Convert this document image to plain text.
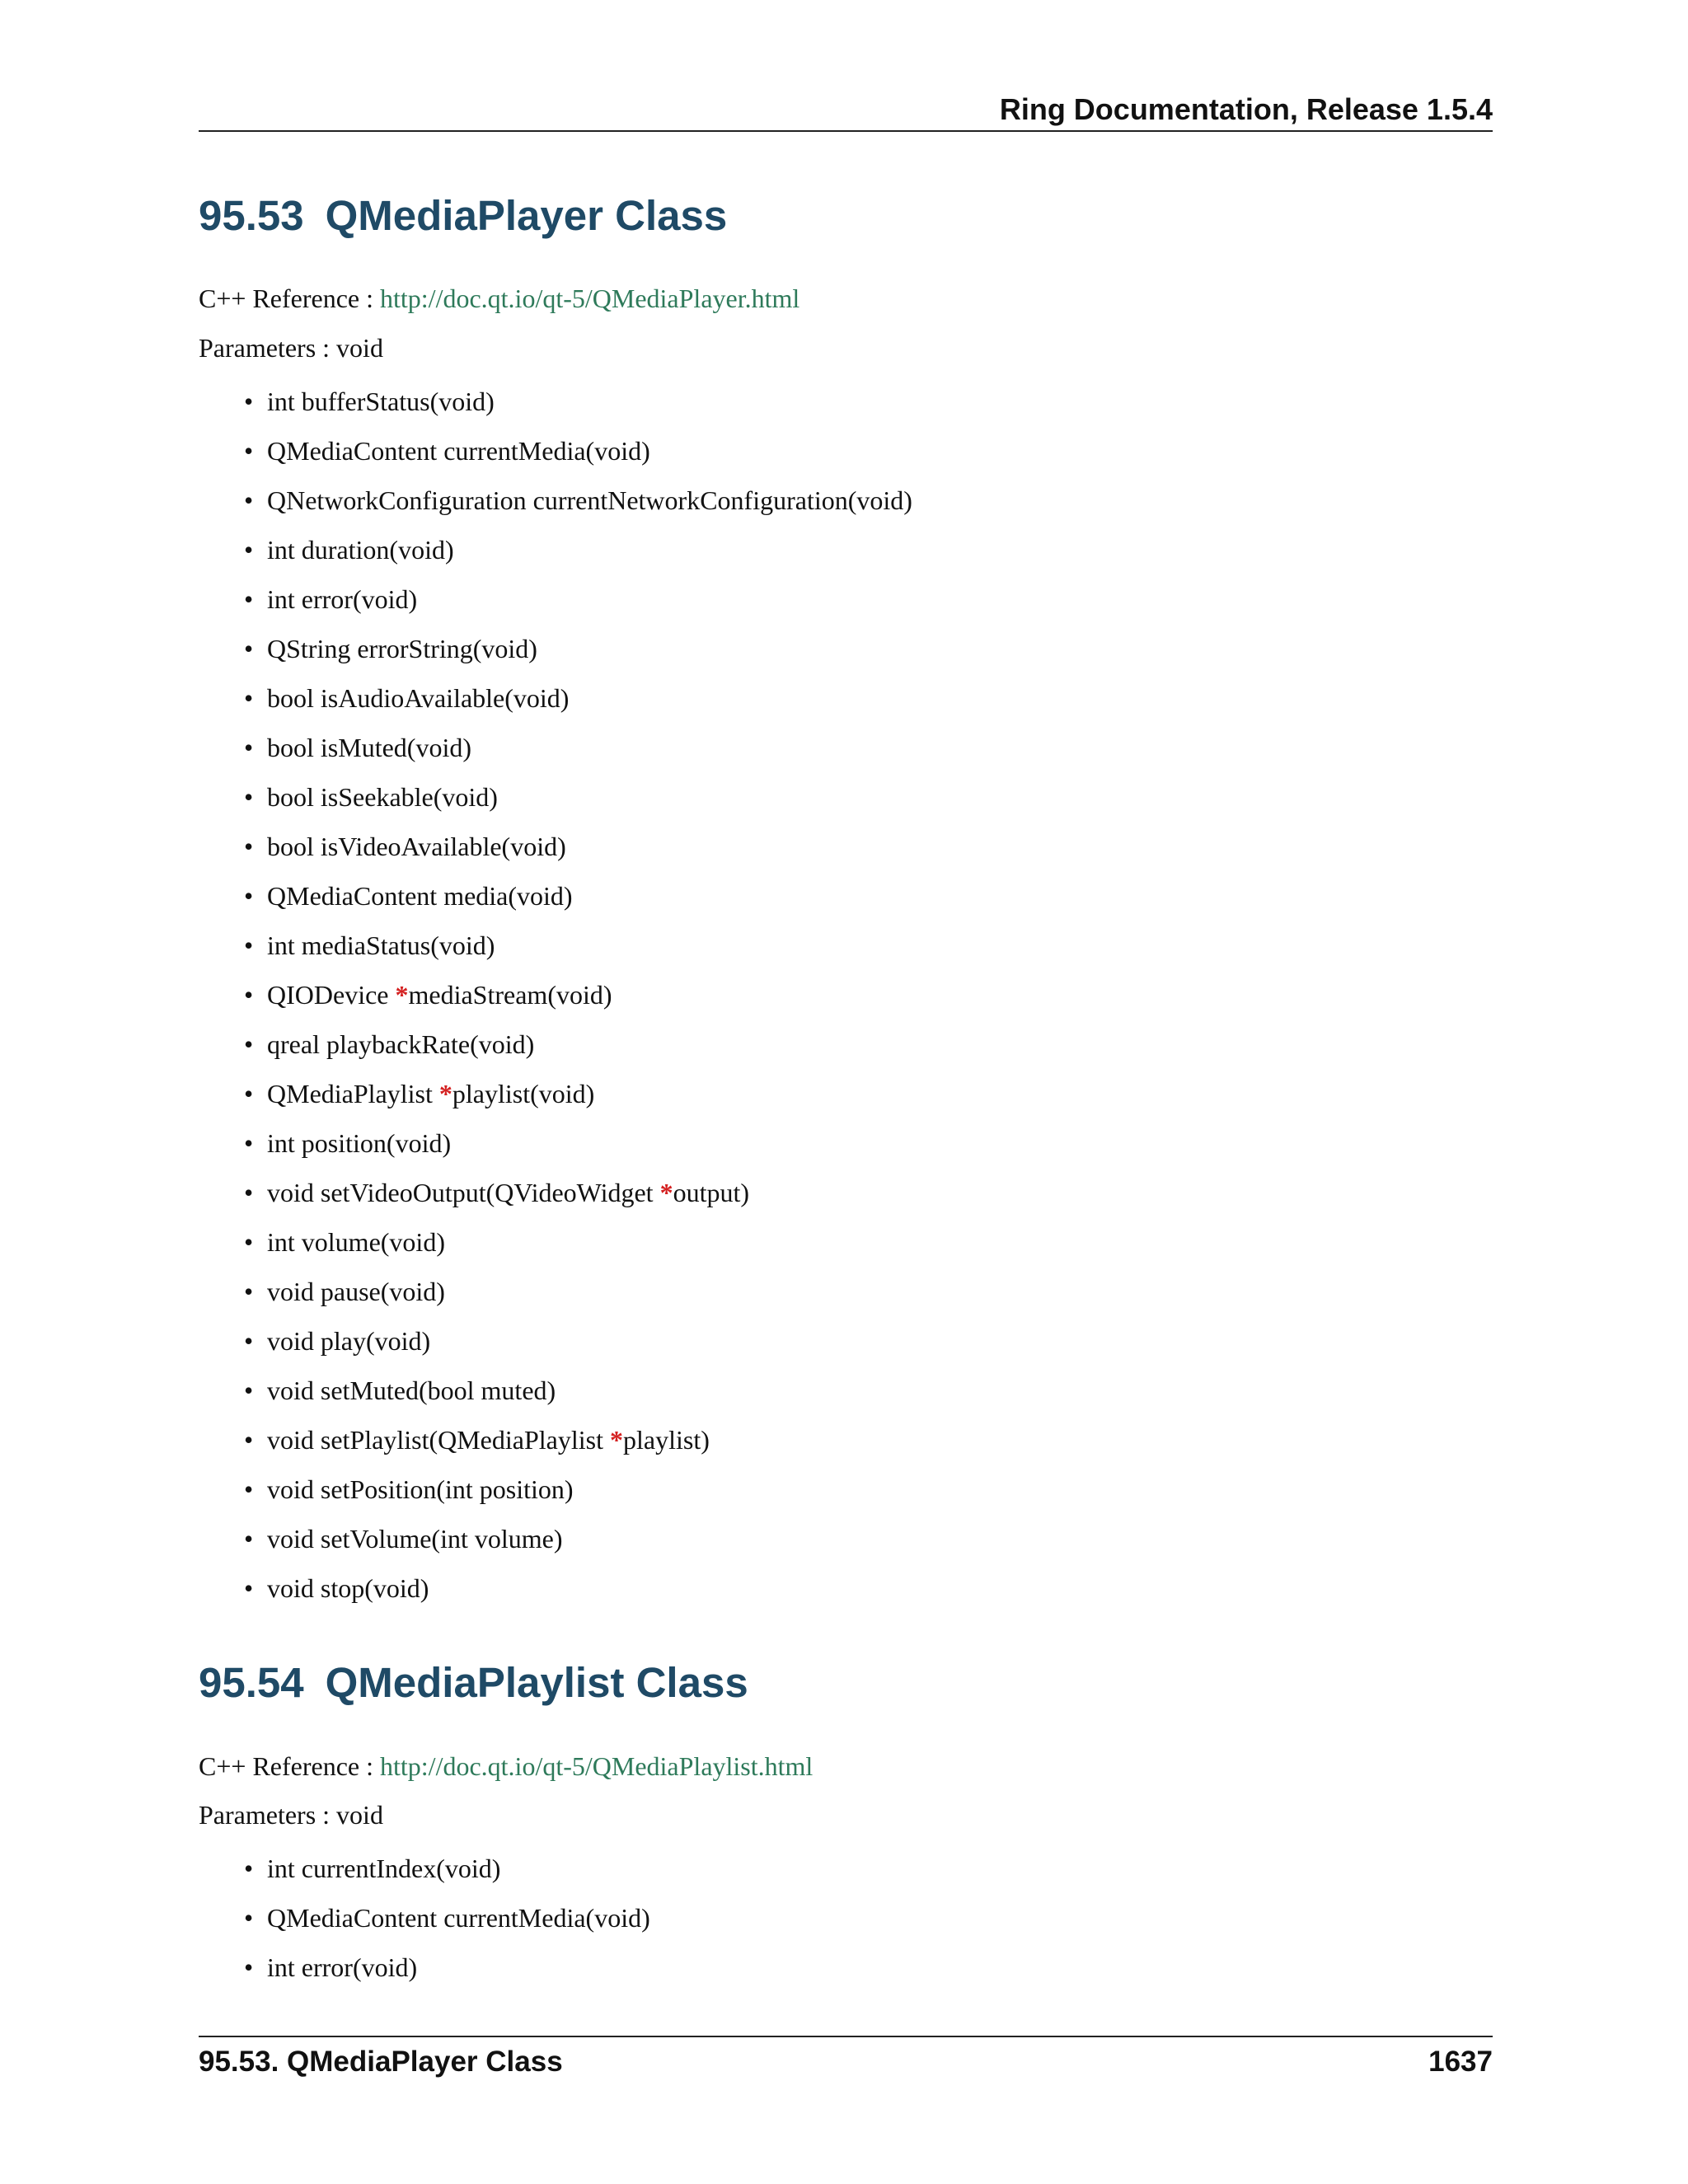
Ring Documentation, Release 1.5.4
95.53 QMediaPlayer Class
C++ Reference : http://doc.qt.io/qt-5/QMediaPlayer.html
Parameters : void
• int bufferStatus(void)
• QMediaContent currentMedia(void)
• QNetworkConfiguration currentNetworkConfiguration(void)
• int duration(void)
• int error(void)
• QString errorString(void)
• bool isAudioAvailable(void)
• bool isMuted(void)
• bool isSeekable(void)
• bool isVideoAvailable(void)
• QMediaContent media(void)
• int mediaStatus(void)
• QIODevice *mediaStream(void)
• qreal playbackRate(void)
• QMediaPlaylist *playlist(void)
• int position(void)
• void setVideoOutput(QVideoWidget *output)
• int volume(void)
• void pause(void)
• void play(void)
• void setMuted(bool muted)
• void setPlaylist(QMediaPlaylist *playlist)
• void setPosition(int position)
• void setVolume(int volume)
• void stop(void)
95.54 QMediaPlaylist Class
C++ Reference : http://doc.qt.io/qt-5/QMediaPlaylist.html
Parameters : void
• int currentIndex(void)
• QMediaContent currentMedia(void)
• int error(void)
95.53. QMediaPlayer Class	1637
